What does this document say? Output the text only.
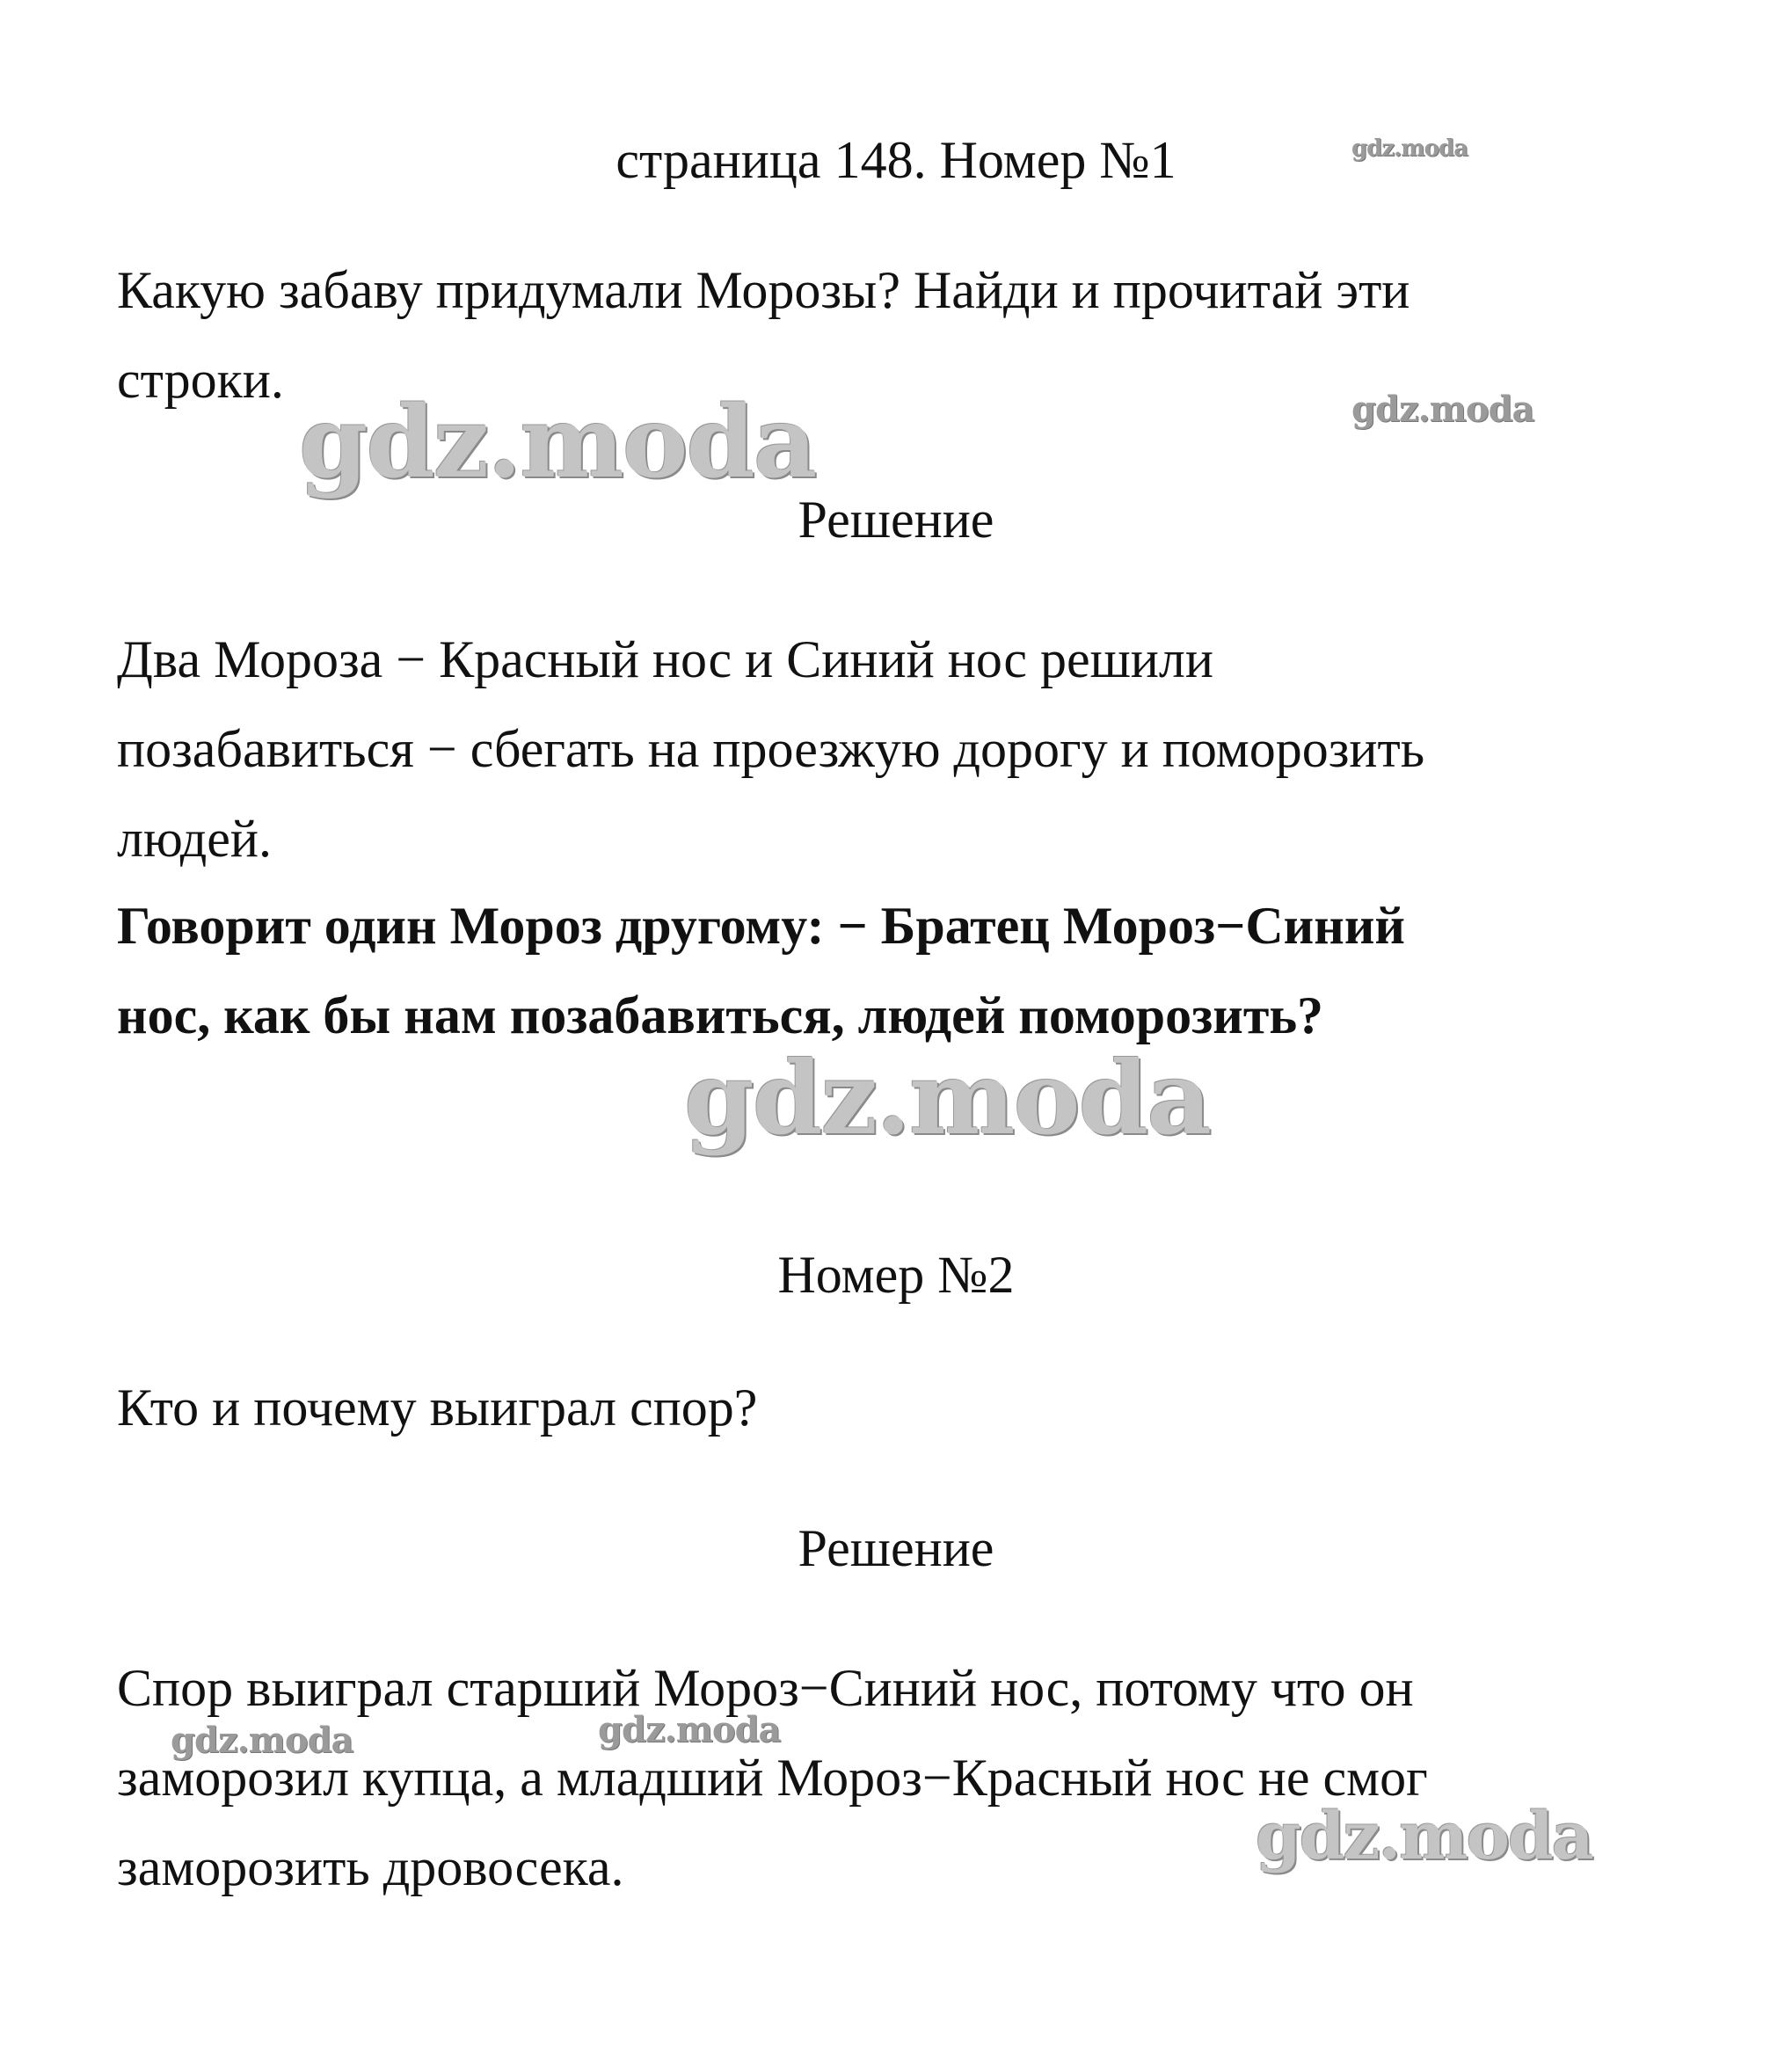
страница 148. Номер №1

Какую забаву придумали Морозы? Найди и прочитай эти

строки.

Решение

Два Мороза − Красный нос и Синий нос решили

позабавиться − сбегать на проезжую дорогу и поморозить

людей.

Говорит один Мороз другому: − Братец Мороз−Синий

нос, как бы нам позабавиться, людей поморозить?

Номер №2

Кто и почему выиграл спор?

Решение

Спор выиграл старший Мороз−Синий нос, потому что он

заморозил купца, а младший Мороз−Красный нос не смог

заморозить дровосека.

gdz.moda
gdz.moda	gdz.moda
gdz.moda
gdz.moda	gdz.moda
gdz.moda
